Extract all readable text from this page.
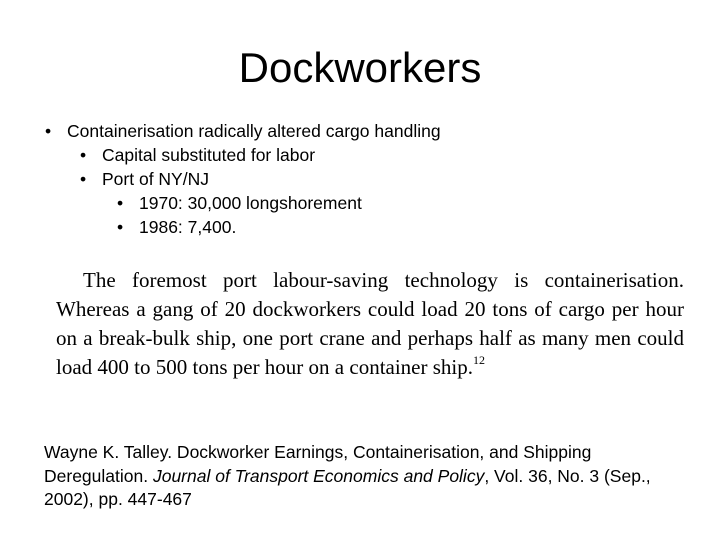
Dockworkers
• Containerisation radically altered cargo handling
• Capital substituted for labor
• Port of NY/NJ
• 1970: 30,000 longshorement
• 1986: 7,400.
The foremost port labour-saving technology is containerisation.
Whereas a gang of 20 dockworkers could load 20 tons of cargo per hour
on a break-bulk ship, one port crane and perhaps half as many men could
load 400 to 500 tons per hour on a container ship.$^{12}$
Wayne K. Talley. Dockworker Earnings, Containerisation, and Shipping Deregulation. Journal of Transport Economics and Policy, Vol. 36, No. 3 (Sep., 2002), pp. 447-467
